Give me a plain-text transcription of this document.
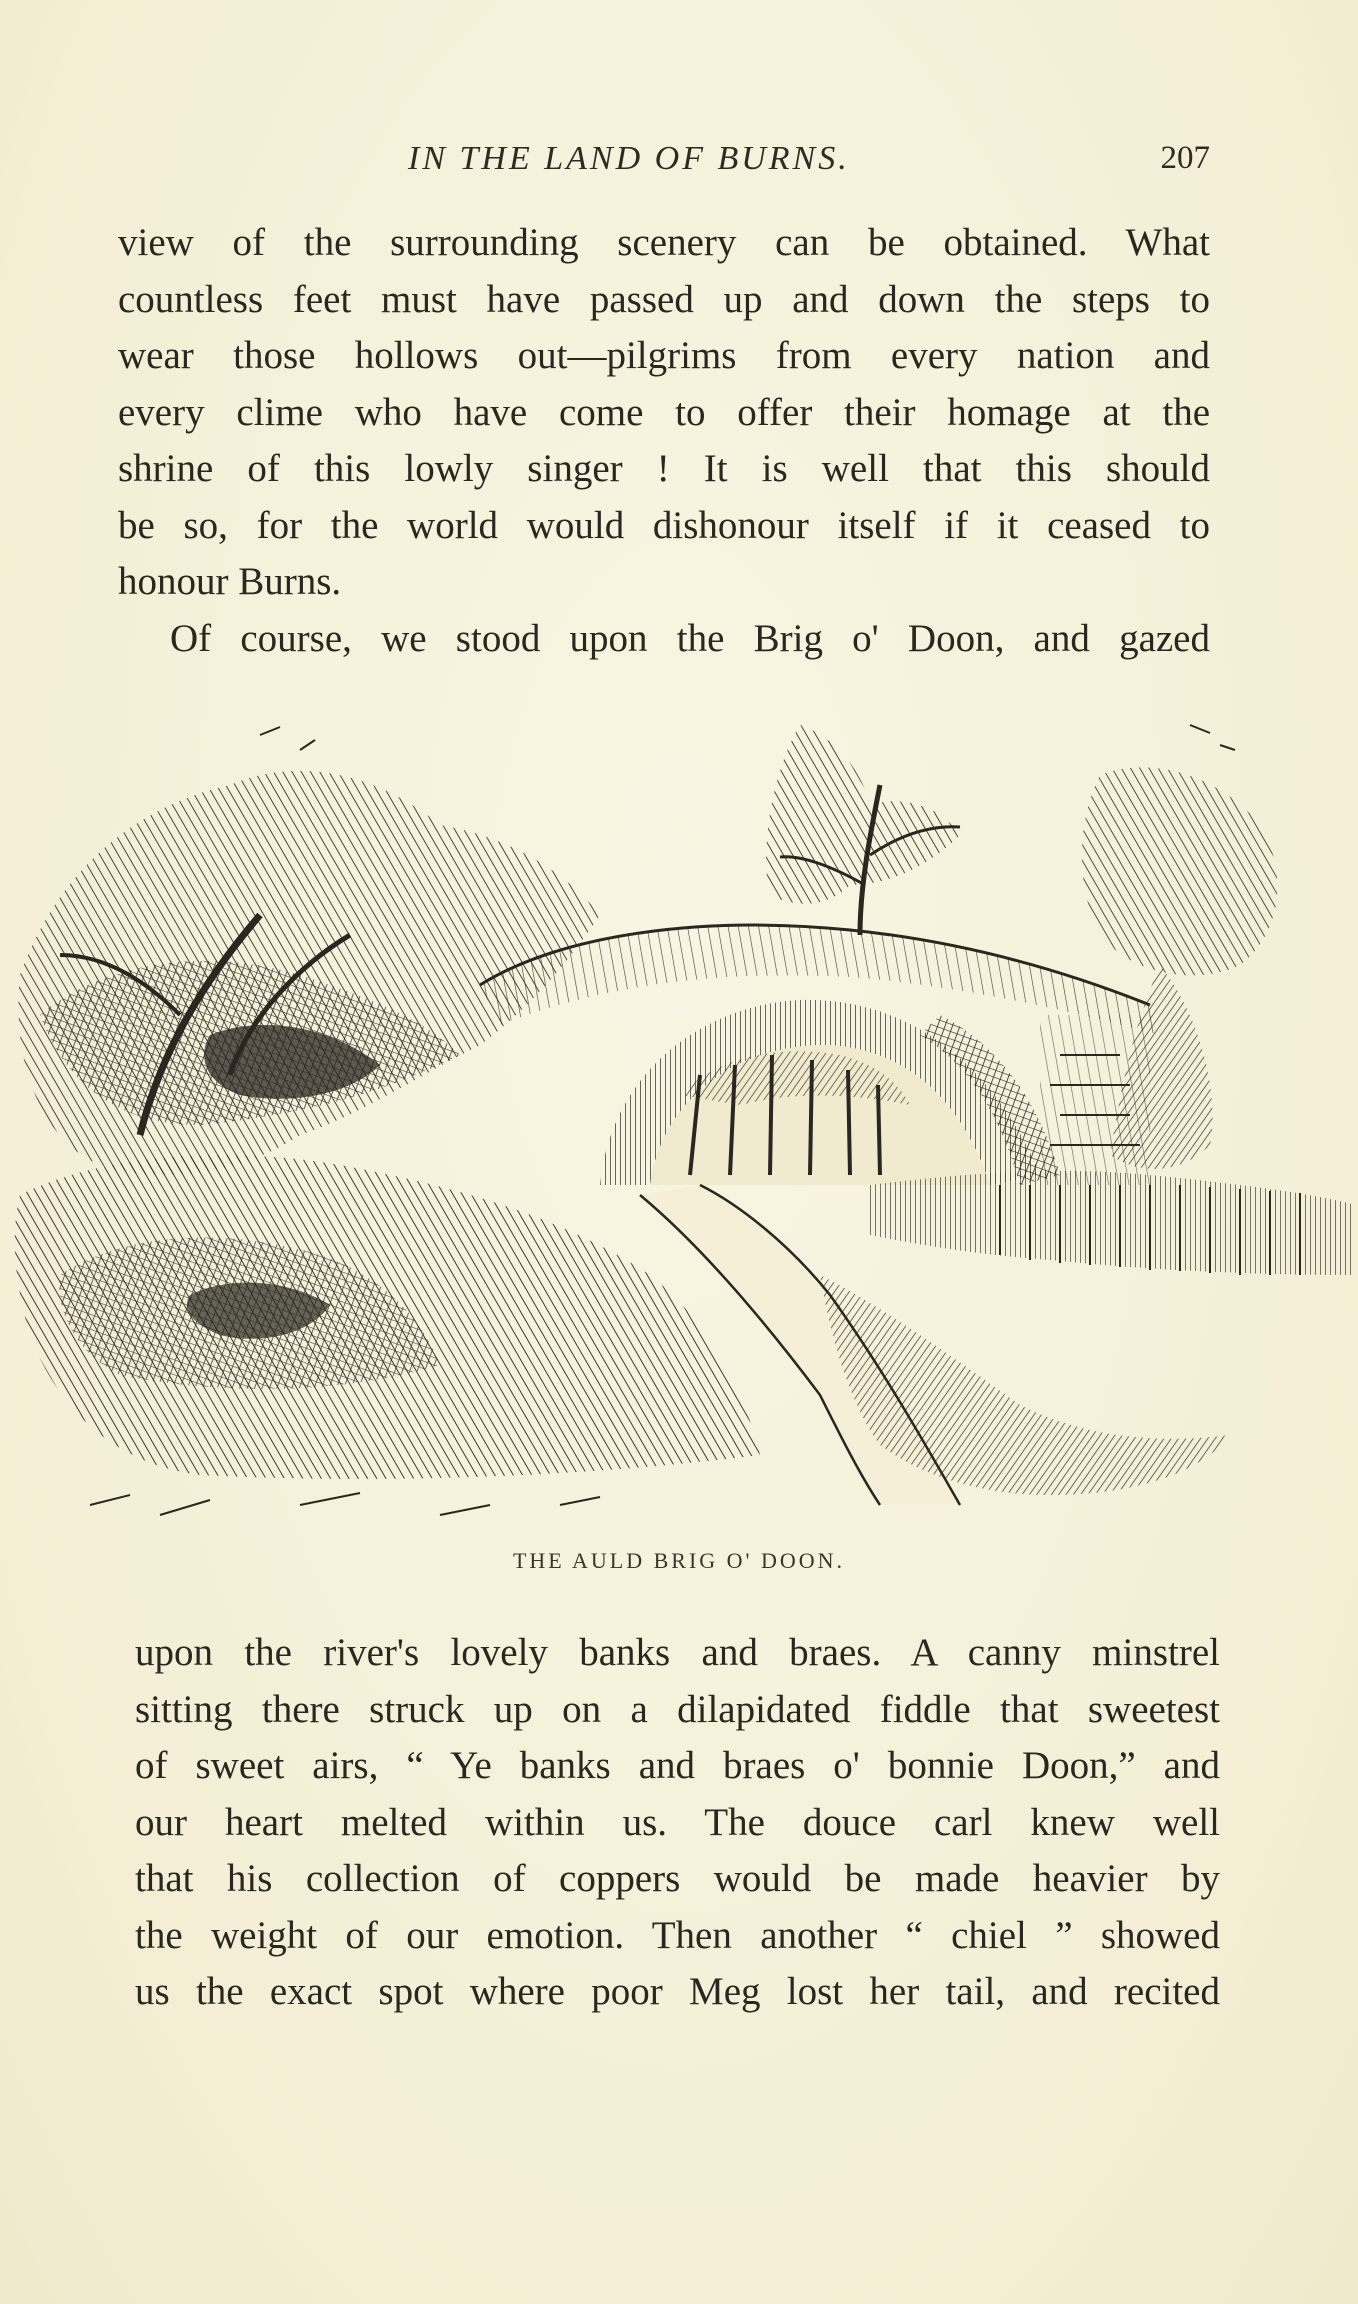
IN THE LAND OF BURNS.	207
view of the surrounding scenery can be obtained. What
countless feet must have passed up and down the steps to
wear those hollows out—pilgrims from every nation and
every clime who have come to offer their homage at the
shrine of this lowly singer ! It is well that this should
be so, for the world would dishonour itself if it ceased to
honour Burns.
Of course, we stood upon the Brig o' Doon, and gazed
THE AULD BRIG O' DOON.
upon the river's lovely banks and braes. A canny minstrel
sitting there struck up on a dilapidated fiddle that sweetest
of sweet airs, “ Ye banks and braes o' bonnie Doon,” and
our heart melted within us. The douce carl knew well
that his collection of coppers would be made heavier by
the weight of our emotion. Then another “ chiel ” showed
us the exact spot where poor Meg lost her tail, and recited
